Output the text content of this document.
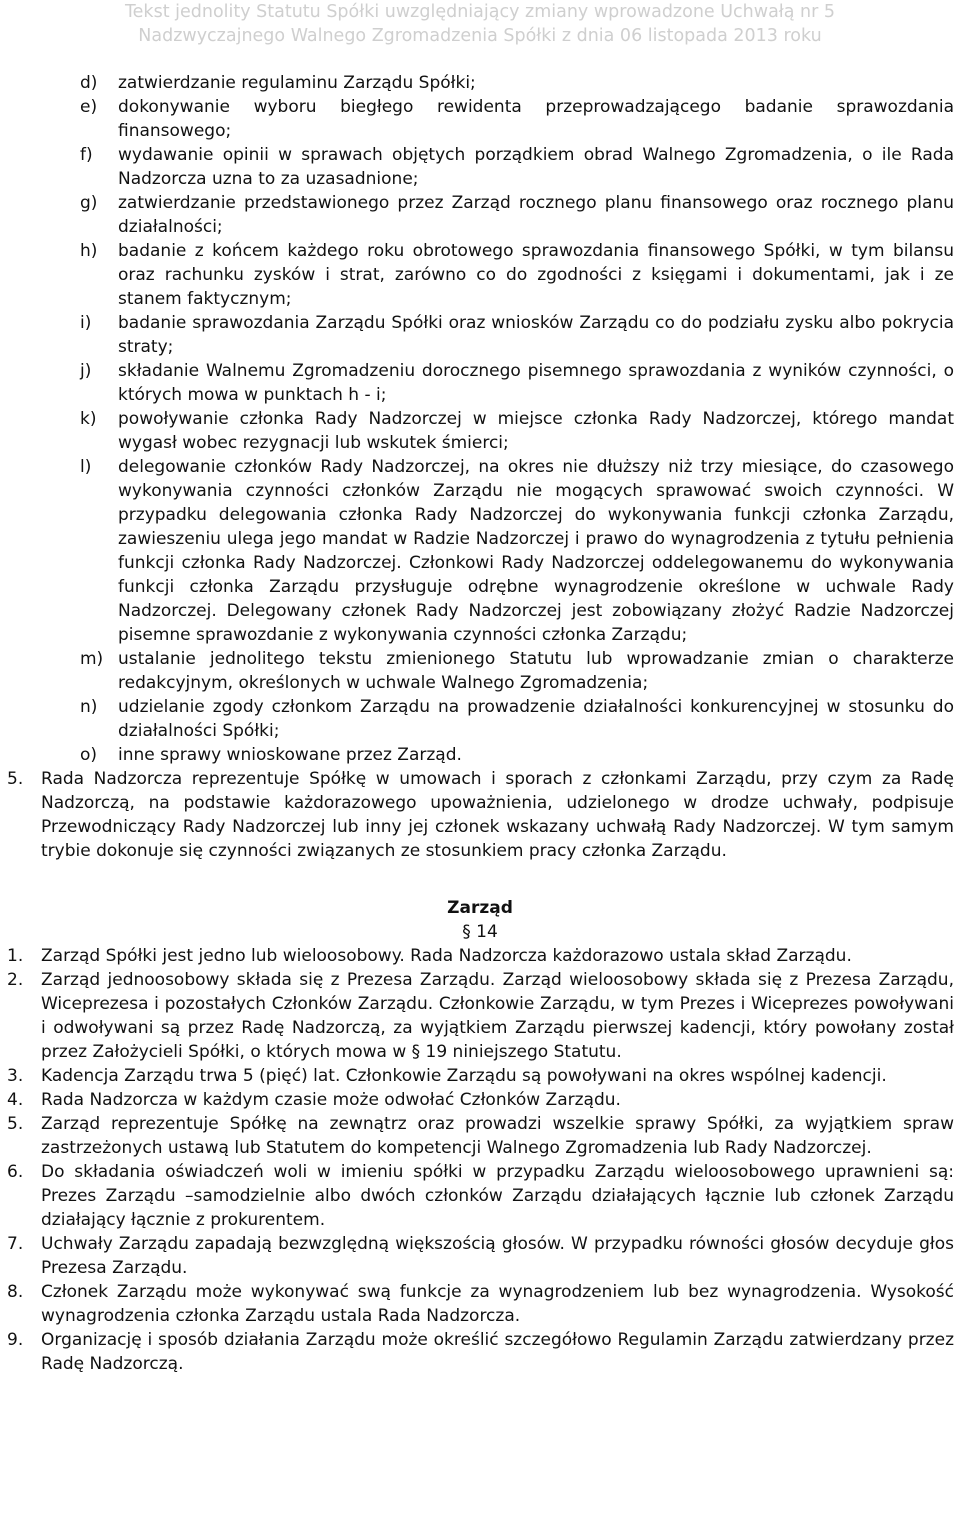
Tekst jednolity Statutu Spółki uwzględniający zmiany wprowadzone Uchwałą nr 5
Nadzwyczajnego Walnego Zgromadzenia Spółki z dnia 06 listopada 2013 roku

d) zatwierdzanie regulaminu Zarządu Spółki;

e) dokonywanie wyboru biegłego rewidenta przeprowadzającego badanie sprawozdania finansowego;

f) wydawanie opinii w sprawach objętych porządkiem obrad Walnego Zgromadzenia, o ile Rada Nadzorcza uzna to za uzasadnione;

g) zatwierdzanie przedstawionego przez Zarząd rocznego planu finansowego oraz rocznego planu działalności;

h) badanie z końcem każdego roku obrotowego sprawozdania finansowego Spółki, w tym bilansu oraz rachunku zysków i strat, zarówno co do zgodności z księgami i dokumentami, jak i ze stanem faktycznym;

i) badanie sprawozdania Zarządu Spółki oraz wniosków Zarządu co do podziału zysku albo pokrycia straty;

j) składanie Walnemu Zgromadzeniu dorocznego pisemnego sprawozdania z wyników czynności, o których mowa w punktach h - i;

k) powoływanie członka Rady Nadzorczej w miejsce członka Rady Nadzorczej, którego mandat wygasł wobec rezygnacji lub wskutek śmierci;

l) delegowanie członków Rady Nadzorczej, na okres nie dłuższy niż trzy miesiące, do czasowego wykonywania czynności członków Zarządu nie mogących sprawować swoich czynności. W przypadku delegowania członka Rady Nadzorczej do wykonywania funkcji członka Zarządu, zawieszeniu ulega jego mandat w Radzie Nadzorczej i prawo do wynagrodzenia z tytułu pełnienia funkcji członka Rady Nadzorczej. Członkowi Rady Nadzorczej oddelegowanemu do wykonywania funkcji członka Zarządu przysługuje odrębne wynagrodzenie określone w uchwale Rady Nadzorczej. Delegowany członek Rady Nadzorczej jest zobowiązany złożyć Radzie Nadzorczej pisemne sprawozdanie z wykonywania czynności członka Zarządu;

m) ustalanie jednolitego tekstu zmienionego Statutu lub wprowadzanie zmian o charakterze redakcyjnym, określonych w uchwale Walnego Zgromadzenia;

n) udzielanie zgody członkom Zarządu na prowadzenie działalności konkurencyjnej w stosunku do działalności Spółki;

o) inne sprawy wnioskowane przez Zarząd.

5. Rada Nadzorcza reprezentuje Spółkę w umowach i sporach z członkami Zarządu, przy czym za Radę Nadzorczą, na podstawie każdorazowego upoważnienia, udzielonego w drodze uchwały, podpisuje Przewodniczący Rady Nadzorczej lub inny jej członek wskazany uchwałą Rady Nadzorczej. W tym samym trybie dokonuje się czynności związanych ze stosunkiem pracy członka Zarządu.

Zarząd
§ 14

1. Zarząd Spółki jest jedno lub wieloosobowy. Rada Nadzorcza każdorazowo ustala skład Zarządu.

2. Zarząd jednoosobowy składa się z Prezesa Zarządu. Zarząd wieloosobowy składa się z Prezesa Zarządu, Wiceprezesa i pozostałych Członków Zarządu. Członkowie Zarządu, w tym Prezes i Wiceprezes powoływani i odwoływani są przez Radę Nadzorczą, za wyjątkiem Zarządu pierwszej kadencji, który powołany został przez Założycieli Spółki, o których mowa w § 19 niniejszego Statutu.

3. Kadencja Zarządu trwa 5 (pięć) lat. Członkowie Zarządu są powoływani na okres wspólnej kadencji.

4. Rada Nadzorcza w każdym czasie może odwołać Członków Zarządu.

5. Zarząd reprezentuje Spółkę na zewnątrz oraz prowadzi wszelkie sprawy Spółki, za wyjątkiem spraw zastrzeżonych ustawą lub Statutem do kompetencji Walnego Zgromadzenia lub Rady Nadzorczej.

6. Do składania oświadczeń woli w imieniu spółki w przypadku Zarządu wieloosobowego uprawnieni są: Prezes Zarządu –samodzielnie albo dwóch członków Zarządu działających łącznie lub członek Zarządu działający łącznie z prokurentem.

7. Uchwały Zarządu zapadają bezwzględną większością głosów. W przypadku równości głosów decyduje głos Prezesa Zarządu.

8. Członek Zarządu może wykonywać swą funkcje za wynagrodzeniem lub bez wynagrodzenia. Wysokość wynagrodzenia członka Zarządu ustala Rada Nadzorcza.

9. Organizację i sposób działania Zarządu może określić szczegółowo Regulamin Zarządu zatwierdzany przez Radę Nadzorczą.
